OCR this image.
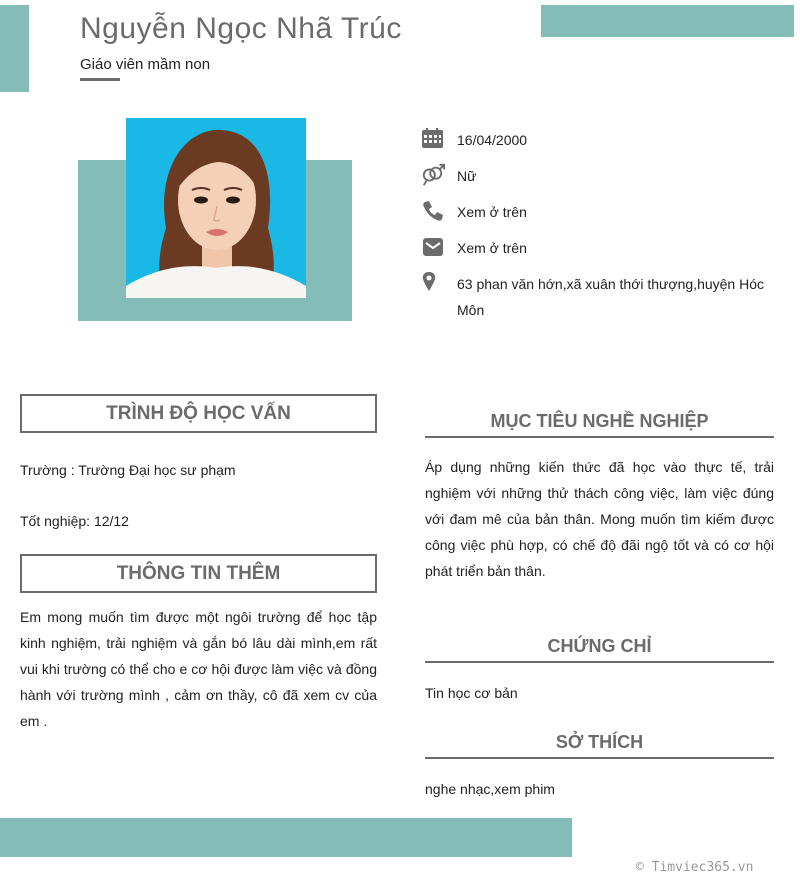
Nguyễn Ngọc Nhã Trúc
Giáo viên mầm non
16/04/2000
Nữ
Xem ở trên
Xem ở trên
63 phan văn hớn,xã xuân thới thượng,huyện Hóc Môn
TRÌNH ĐỘ HỌC VẤN
Trường : Trường Đại học sư phạm
Tốt nghiệp: 12/12
THÔNG TIN THÊM
Em mong muốn tìm được một ngôi trường để học tập kinh nghiệm, trải nghiệm và gắn bó lâu dài mình,em rất vui khi trường có thể cho e cơ hội được làm việc và đồng hành với trường mình , cảm ơn thầy, cô đã xem cv của em .
MỤC TIÊU NGHỀ NGHIỆP
Áp dụng những kiến thức đã học vào thực tế, trải nghiệm với những thử thách công việc, làm việc đúng với đam mê của bản thân. Mong muốn tìm kiếm được công việc phù hợp, có chế độ đãi ngộ tốt và có cơ hội phát triển bản thân.
CHỨNG CHỈ
Tin học cơ bản
SỞ THÍCH
nghe nhạc,xem phim
© Timviec365.vn
